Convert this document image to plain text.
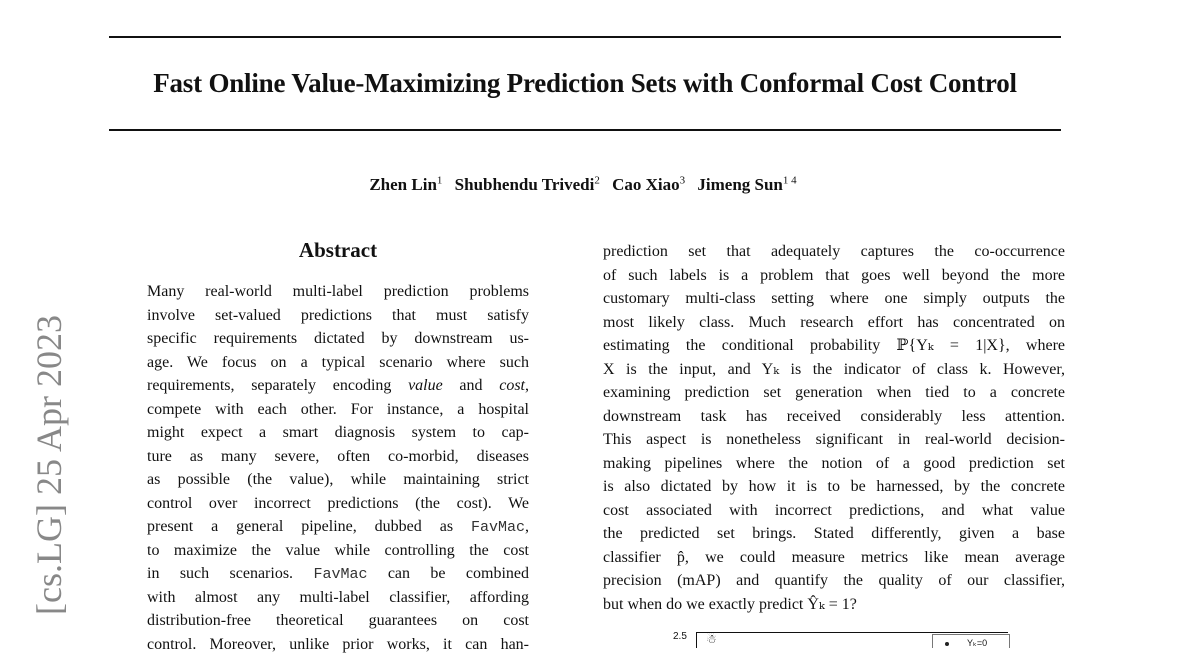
Fast Online Value-Maximizing Prediction Sets with Conformal Cost Control
Zhen Lin$^1$ Shubhendu Trivedi$^2$ Cao Xiao$^3$ Jimeng Sun$^{1 4}$
[cs.LG] 25 Apr 2023
Abstract
Many real-world multi-label prediction problems
involve set-valued predictions that must satisfy
specific requirements dictated by downstream us-
age. We focus on a typical scenario where such
requirements, separately encoding value and cost,
compete with each other. For instance, a hospital
might expect a smart diagnosis system to cap-
ture as many severe, often co-morbid, diseases
as possible (the value), while maintaining strict
control over incorrect predictions (the cost). We
present a general pipeline, dubbed as FavMac,
to maximize the value while controlling the cost
in such scenarios. FavMac can be combined
with almost any multi-label classifier, affording
distribution-free theoretical guarantees on cost
control. Moreover, unlike prior works, it can han-
prediction set that adequately captures the co-occurrence
of such labels is a problem that goes well beyond the more
customary multi-class setting where one simply outputs the
most likely class. Much research effort has concentrated on
estimating the conditional probability ℙ{Yₖ = 1|X}, where
X is the input, and Yₖ is the indicator of class k. However,
examining prediction set generation when tied to a concrete
downstream task has received considerably less attention.
This aspect is nonetheless significant in real-world decision-
making pipelines where the notion of a good prediction set
is also dictated by how it is to be harnessed, by the concrete
cost associated with incorrect predictions, and what value
the predicted set brings. Stated differently, given a base
classifier p̂, we could measure metrics like mean average
precision (mAP) and quantify the quality of our classifier,
but when do we exactly predict Ŷₖ = 1?
2.5 ☃	Yₖ=0
